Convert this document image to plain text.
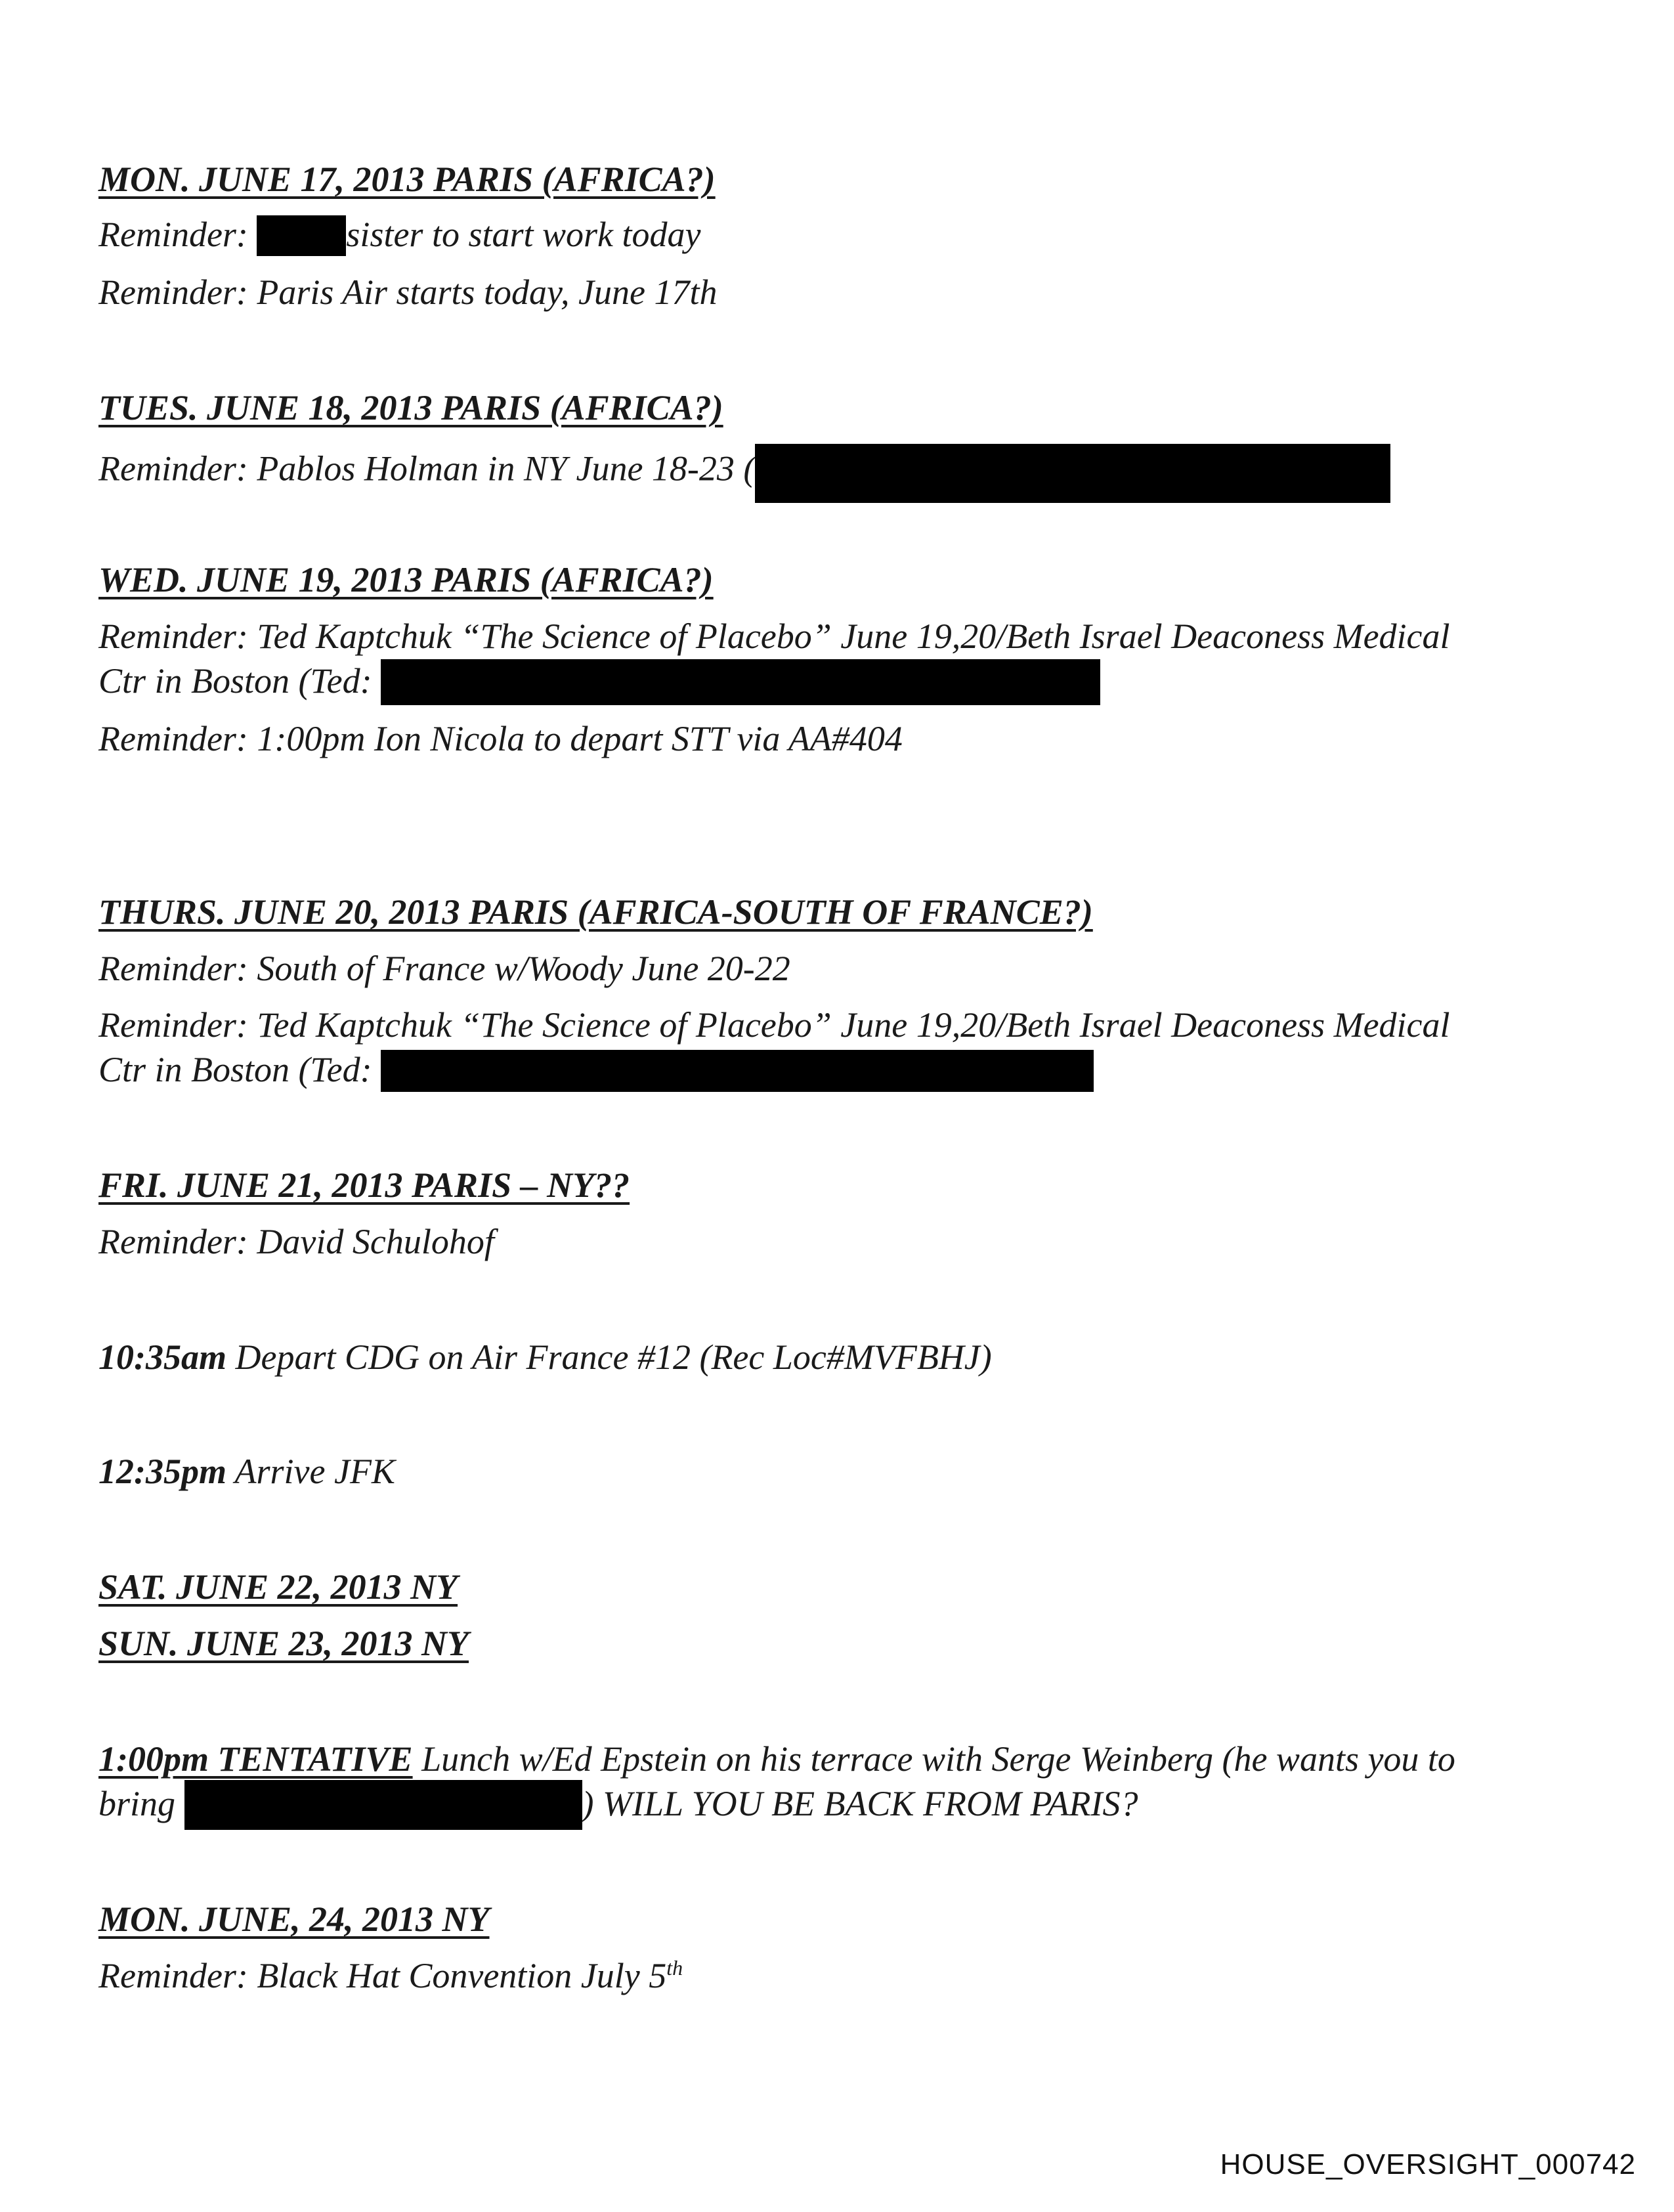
MON. JUNE 17, 2013 PARIS (AFRICA?)
Reminder:	sister to start work today
Reminder: Paris Air starts today, June 17th
TUES. JUNE 18, 2013 PARIS (AFRICA?)
Reminder: Pablos Holman in NY June 18-23 (
WED. JUNE 19, 2013 PARIS (AFRICA?)
Reminder: Ted Kaptchuk “The Science of Placebo” June 19,20/Beth Israel Deaconess Medical
Ctr in Boston (Ted:
Reminder: 1:00pm Ion Nicola to depart STT via AA#404
THURS. JUNE 20, 2013 PARIS (AFRICA-SOUTH OF FRANCE?)
Reminder: South of France w/Woody June 20-22
Reminder: Ted Kaptchuk “The Science of Placebo” June 19,20/Beth Israel Deaconess Medical
Ctr in Boston (Ted:
FRI. JUNE 21, 2013 PARIS – NY??
Reminder: David Schulohof
10:35am Depart CDG on Air France #12 (Rec Loc#MVFBHJ)
12:35pm Arrive JFK
SAT. JUNE 22, 2013 NY
SUN. JUNE 23, 2013 NY
1:00pm TENTATIVE Lunch w/Ed Epstein on his terrace with Serge Weinberg (he wants you to
bring	) WILL YOU BE BACK FROM PARIS?
MON. JUNE, 24, 2013 NY
Reminder: Black Hat Convention July 5th
HOUSE_OVERSIGHT_000742
